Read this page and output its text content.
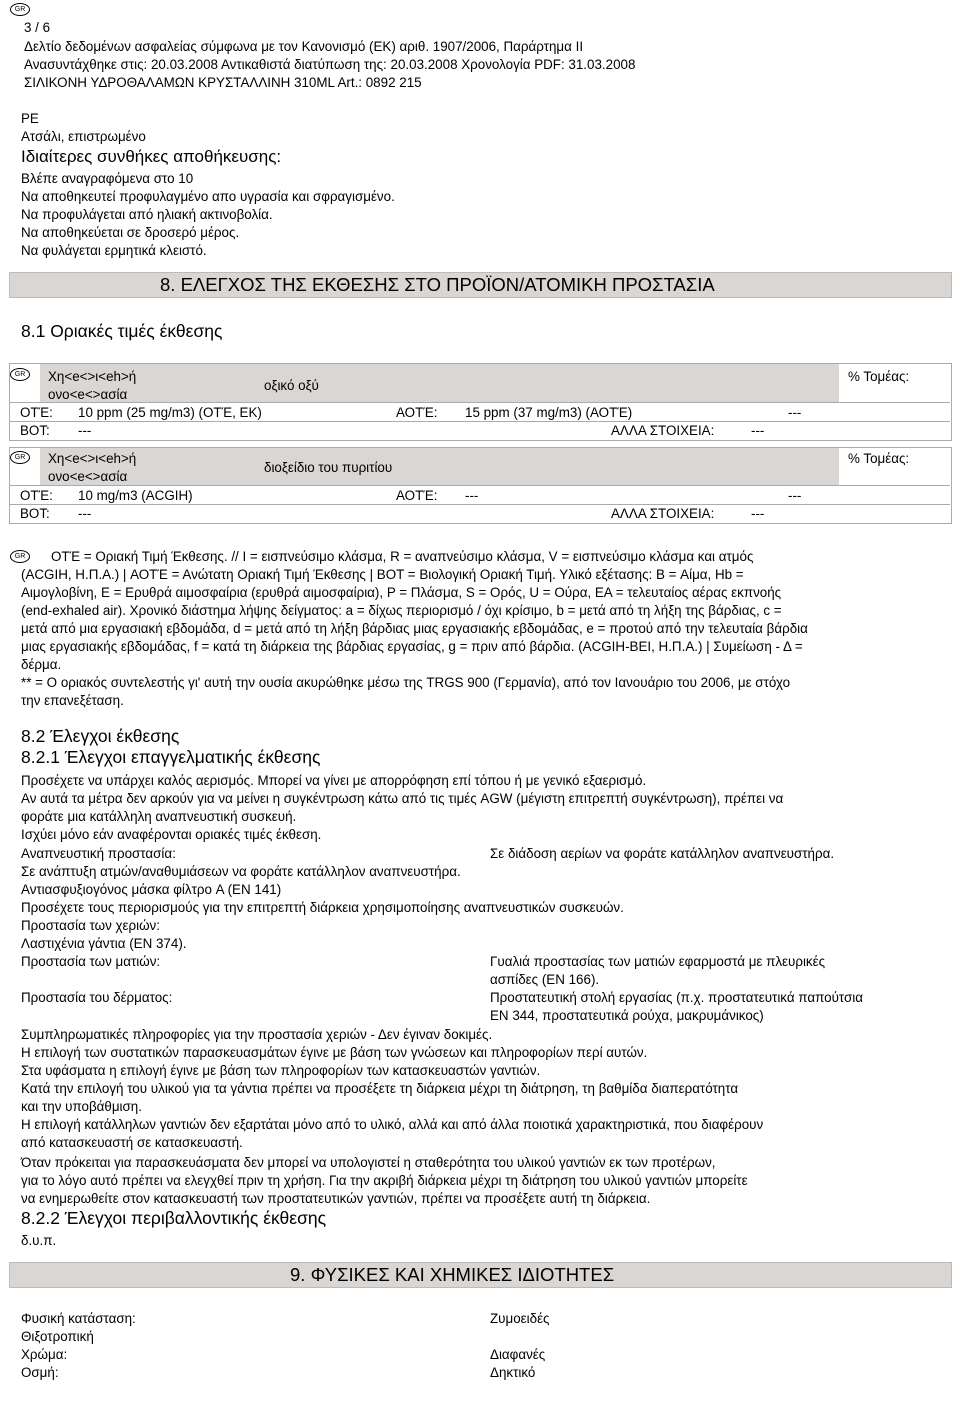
GR
3 / 6
Δελτίο δεδομένων ασφαλείας σύμφωνα με τον Κανονισμό (ΕΚ) αριθ. 1907/2006, Παράρτημα II
Ανασυντάχθηκε στις: 20.03.2008 Αντικαθιστά διατύπωση της: 20.03.2008 Χρονολογία PDF: 31.03.2008
ΣΙΛΙΚΟΝΗ ΥΔΡΟΘΑΛΑΜΩΝ ΚΡΥΣΤΑΛΛΙΝΗ 310ML Art.: 0892 215
PE
Ατσάλι, επιστρωμένο
Ιδιαίτερες συνθήκες αποθήκευσης:
Βλέπε αναγραφόμενα στο 10
Να αποθηκευτεί προφυλαγμένο απο υγρασία και σφραγισμένο.
Να προφυλάγεται από ηλιακή ακτινοβολία.
Να αποθηκεύεται σε δροσερό μέρος.
Να φυλάγεται ερμητικά κλειστό.
8. ΕΛΕΓΧΟΣ ΤΗΣ ΕΚΘΕΣΗΣ ΣΤΟ ΠΡΟΪΟΝ/ΑΤΟΜΙΚΗ ΠΡΟΣΤΑΣΙΑ
8.1 Οριακές τιμές έκθεσης
GR	Χη<e<>ι<eh>ή
ονο<e<>ασία
οξικό οξύ
% Τομέας:
ΟΤΈ: 10 ppm (25 mg/m3) (ΟΤΈ, ΕΚ)	ΑΟΤΈ: 15 ppm (37 mg/m3) (ΑΟΤΈ)	---
ΒΟΤ: ---	ΑΛΛΑ ΣΤΟΙΧΕΙΑ:	---
GR	Χη<e<>ι<eh>ή
ονο<e<>ασία
διοξείδιο του πυριτίου
% Τομέας:
ΟΤΈ: 10 mg/m3 (ACGIH)	ΑΟΤΈ: ---	---
ΒΟΤ: ---	ΑΛΛΑ ΣΤΟΙΧΕΙΑ:	---
GR	ΟΤΈ = Οριακή Τιμή Έκθεσης. // I = εισπνεύσιμο κλάσμα, R = αναπνεύσιμο κλάσμα, V = εισπνεύσιμο κλάσμα και ατμός
(ACGIH, H.Π.Α.) | ΑΟΤΈ = Ανώτατη Οριακή Τιμή Έκθεσης | ΒΟΤ = Βιολογική Οριακή Τιμή. Υλικό εξέτασης: B = Αίμα, Hb =
Αιμογλοβίνη, E = Ερυθρά αιμοσφαίρια (ερυθρά αιμοσφαίρια), P = Πλάσμα, S = Ορός, U = Ούρα, EA = τελευταίος αέρας εκπνοής
(end-exhaled air). Χρονικό διάστημα λήψης δείγματος: a = δίχως περιορισμό / όχι κρίσιμο, b = μετά από τη λήξη της βάρδιας, c =
μετά από μια εργασιακή εβδομάδα, d = μετά από τη λήξη βάρδιας μιας εργασιακής εβδομάδας, e = προτού από την τελευταία βάρδια
μιας εργασιακής εβδομάδας, f = κατά τη διάρκεια της βάρδιας εργασίας, g = πριν από βάρδια. (ACGIH-BEI, H.Π.Α.) | Συμείωση - Δ =
δέρμα.
** = Ο οριακός συντελεστής γι' αυτή την ουσία ακυρώθηκε μέσω της TRGS 900 (Γερμανία), από τον Ιανουάριο του 2006, με στόχο
την επανεξέταση.
8.2 Έλεγχοι έκθεσης
8.2.1 Έλεγχοι επαγγελματικής έκθεσης
Προσέχετε να υπάρχει καλός αερισμός. Μπορεί να γίνει με απορρόφηση επί τόπου ή με γενικό εξαερισμό.
Αν αυτά τα μέτρα δεν αρκούν για να μείνει η συγκέντρωση κάτω από τις τιμές AGW (μέγιστη επιτρεπτή συγκέντρωση), πρέπει να
φοράτε μια κατάλληλη αναπνευστική συσκευή.
Ισχύει μόνο εάν αναφέρονται οριακές τιμές έκθεση.
Αναπνευστική προστασία:	Σε διάδοση αερίων να φοράτε κατάλληλον αναπνευστήρα.
Σε ανάπτυξη ατμών/αναθυμιάσεων να φοράτε κατάλληλον αναπνευστήρα.
Αντιασφυξιογόνος μάσκα φίλτρο A (EN 141)
Προσέχετε τους περιορισμούς για την επιτρεπτή διάρκεια χρησιμοποίησης αναπνευστικών συσκευών.
Προστασία των χεριών:
Λαστιχένια γάντια (EN 374).
Προστασία των ματιών:	Γυαλιά προστασίας των ματιών εφαρμοστά με πλευρικές
ασπίδες (EN 166).
Προστασία του δέρματος:	Προστατευτική στολή εργασίας (π.χ. προστατευτικά παπούτσια
EN 344, προστατευτικά ρούχα, μακρυμάνικος)
Συμπληρωματικές πληροφορίες για την προστασία χεριών - Δεν έγιναν δοκιμές.
Η επιλογή των συστατικών παρασκευασμάτων έγινε με βάση των γνώσεων και πληροφορίων περί αυτών.
Στα υφάσματα η επιλογή έγινε με βάση των πληροφορίων των κατασκευαστών γαντιών.
Κατά την επιλογή του υλικού για τα γάντια πρέπει να προσέξετε τη διάρκεια μέχρι τη διάτρηση, τη βαθμίδα διαπερατότητα
και την υποβάθμιση.
Η επιλογή κατάλληλων γαντιών δεν εξαρτάται μόνο από το υλικό, αλλά και από άλλα ποιοτικά χαρακτηριστικά, που διαφέρουν
από κατασκευαστή σε κατασκευαστή.
Όταν πρόκειται για παρασκευάσματα δεν μπορεί να υπολογιστεί η σταθερότητα του υλικού γαντιών εκ των προτέρων,
για το λόγο αυτό πρέπει να ελεγχθεί πριν τη χρήση. Για την ακριβή διάρκεια μέχρι τη διάτρηση του υλικού γαντιών μπορείτε
να ενημερωθείτε στον κατασκευαστή των προστατευτικών γαντιών, πρέπει να προσέξετε αυτή τη διάρκεια.
8.2.2 Έλεγχοι περιβαλλοντικής έκθεσης
δ.υ.π.
9. ΦΥΣΙΚΕΣ ΚΑΙ ΧΗΜΙΚΕΣ ΙΔΙΟΤΗΤΕΣ
Φυσική κατάσταση:	Ζυμοειδές
Θιξοτροπική
Χρώμα:	Διαφανές
Οσμή:	Δηκτικό
